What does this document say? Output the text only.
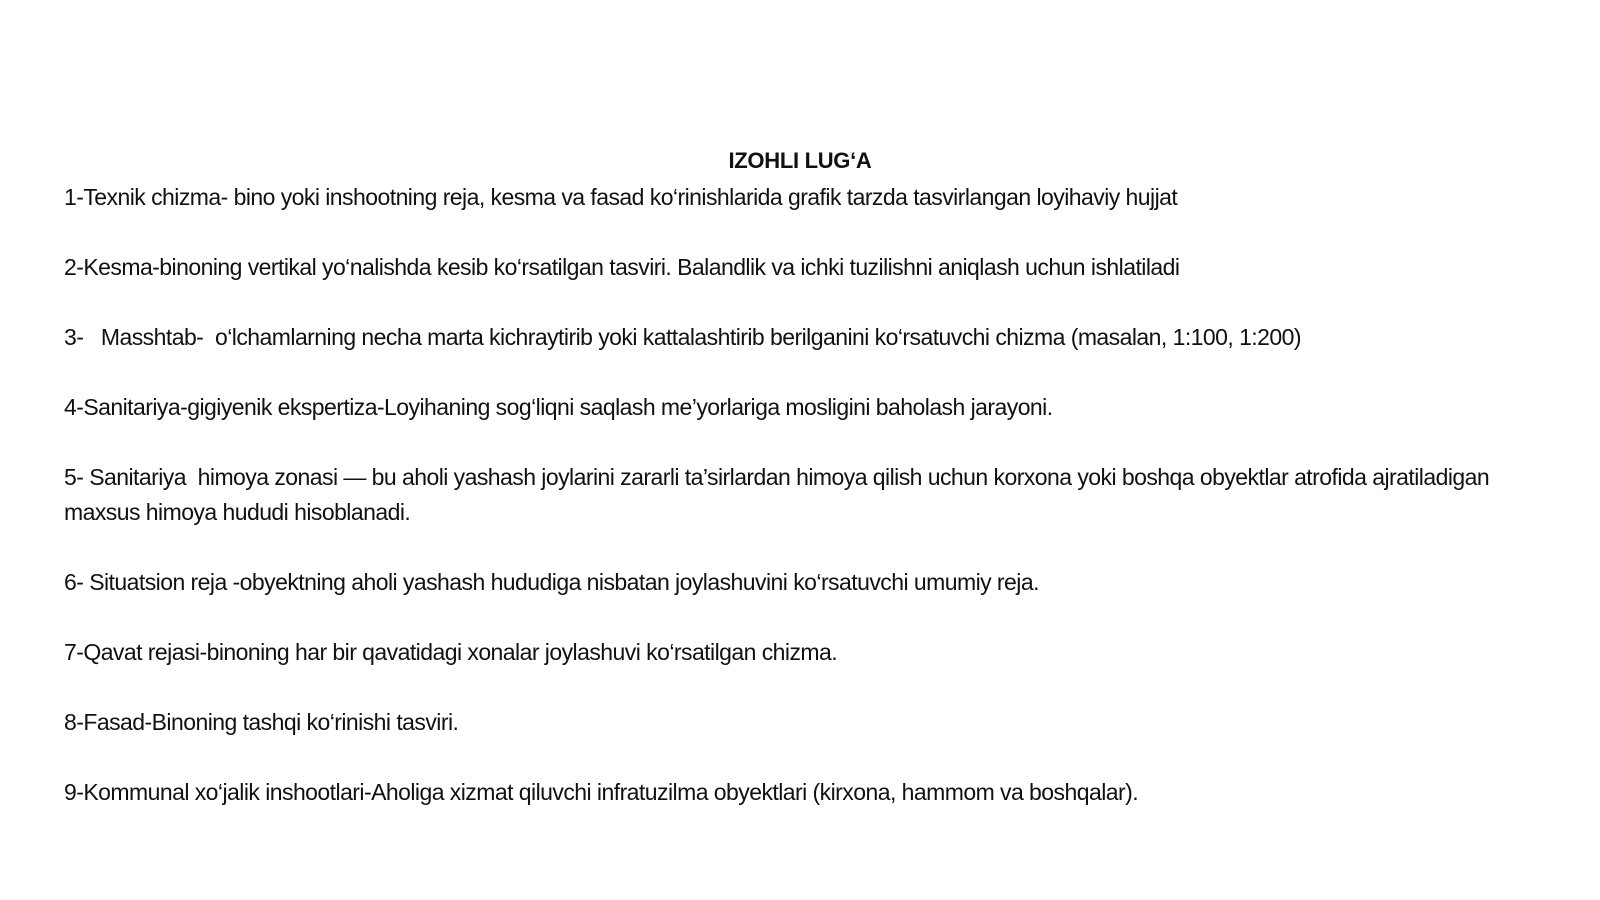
IZOHLI LUG‘A

1-Texnik chizma- bino yoki inshootning reja, kesma va fasad ko‘rinishlarida grafik tarzda tasvirlangan loyihaviy hujjat

2-Kesma-binoning vertikal yo‘nalishda kesib ko‘rsatilgan tasviri. Balandlik va ichki tuzilishni aniqlash uchun ishlatiladi

3-   Masshtab-  o‘lchamlarning necha marta kichraytirib yoki kattalashtirib berilganini ko‘rsatuvchi chizma (masalan, 1:100, 1:200)

4-Sanitariya-gigiyenik ekspertiza-Loyihaning sog‘liqni saqlash me’yorlariga mosligini baholash jarayoni.

5- Sanitariya  himoya zonasi — bu aholi yashash joylarini zararli ta’sirlardan himoya qilish uchun korxona yoki boshqa obyektlar atrofida ajratiladigan maxsus himoya hududi hisoblanadi.

6- Situatsion reja -obyektning aholi yashash hududiga nisbatan joylashuvini ko‘rsatuvchi umumiy reja.

7-Qavat rejasi-binoning har bir qavatidagi xonalar joylashuvi ko‘rsatilgan chizma.

8-Fasad-Binoning tashqi ko‘rinishi tasviri.

9-Kommunal xo‘jalik inshootlari-Aholiga xizmat qiluvchi infratuzilma obyektlari (kirxona, hammom va boshqalar).
